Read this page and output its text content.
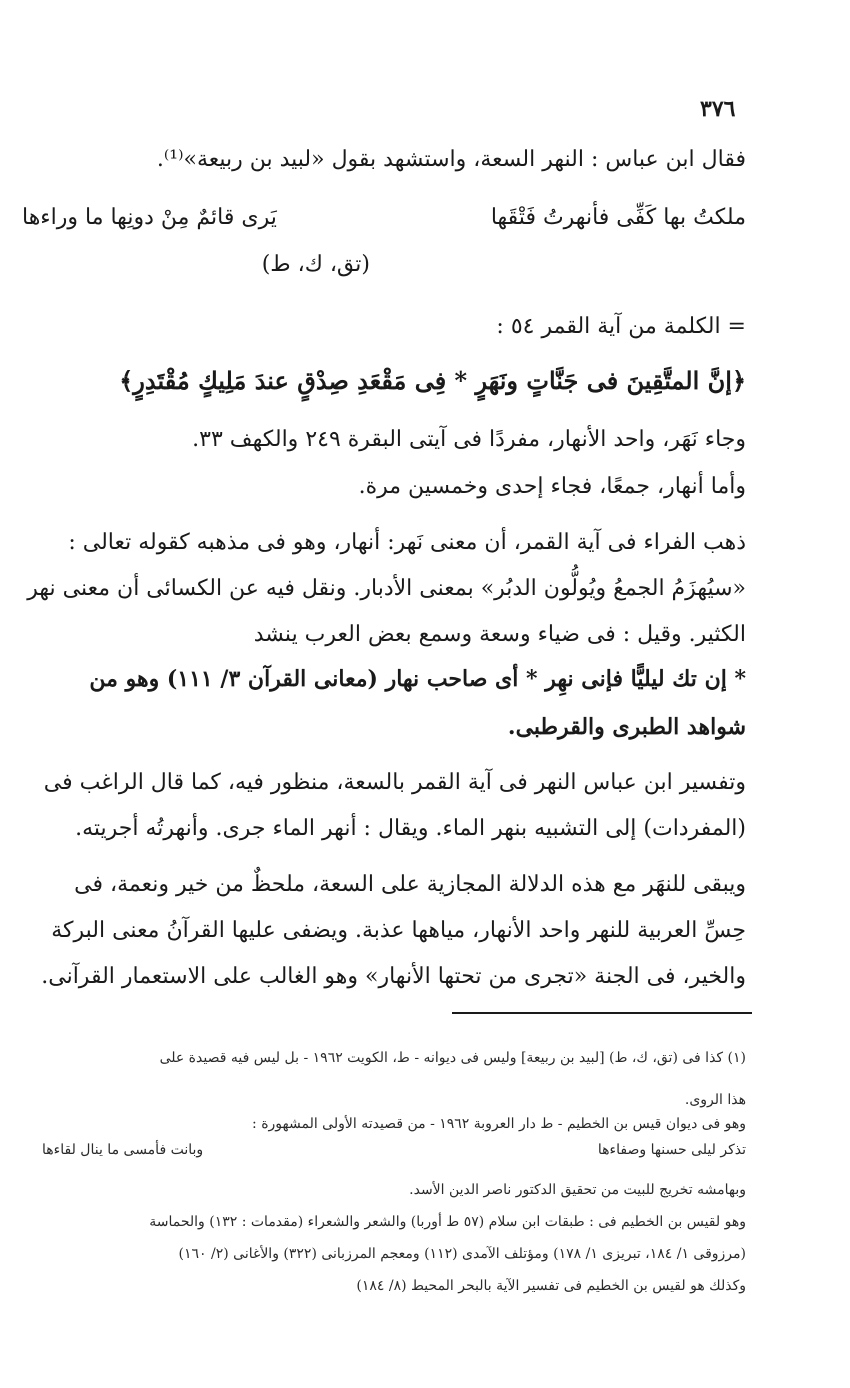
٣٧٦
فقال ابن عباس : النهر السعة، واستشهد بقول «لبيد بن ربيعة»⁽¹⁾.
ملكتُ بها كَفِّى فأنهرتُ فَتْقَها
يَرى قائمٌ مِنْ دونِها ما وراءها
(تق، ك، ط)
= الكلمة من آية القمر ٥٤ :
﴿إنَّ المتَّقِينَ فى جَنَّاتٍ ونَهَرٍ * فِى مَقْعَدِ صِدْقٍ عندَ مَلِيكٍ مُقْتَدِرٍ﴾
وجاء نَهَر، واحد الأنهار، مفردًا فى آيتى البقرة ٢٤٩ والكهف ٣٣.
وأما أنهار، جمعًا، فجاء إحدى وخمسين مرة.
ذهب الفراء فى آية القمر، أن معنى نَهر: أنهار، وهو فى مذهبه كقوله تعالى :
«سيُهزَمُ الجمعُ ويُولُّون الدبُر» بمعنى الأدبار. ونقل فيه عن الكسائى أن معنى نهر
الكثير. وقيل : فى ضياء وسعة وسمع بعض العرب ينشد
* إن تك ليليًّا فإنى نهِر * أى صاحب نهار (معانى القرآن ٣/ ١١١) وهو من
شواهد الطبرى والقرطبى.
وتفسير ابن عباس النهر فى آية القمر بالسعة، منظور فيه، كما قال الراغب فى
(المفردات) إلى التشبيه بنهر الماء. ويقال : أنهر الماء جرى. وأنهرتُه أجريته.
ويبقى للنهَر مع هذه الدلالة المجازية على السعة، ملحظٌ من خير ونعمة، فى
حِسِّ العربية للنهر واحد الأنهار، مياهها عذبة. ويضفى عليها القرآنُ معنى البركة
والخير، فى الجنة «تجرى من تحتها الأنهار» وهو الغالب على الاستعمار القرآنى.
(١) كذا فى (تق، ك، ط) [لبيد بن ربيعة] وليس فى ديوانه - ط، الكويت ١٩٦٢ - بل ليس فيه قصيدة على
هذا الروى.
وهو فى ديوان قيس بن الخطيم - ط دار العروبة ١٩٦٢ - من قصيدته الأولى المشهورة :
تذكر ليلى حسنها وصفاءها
وبانت فأمسى ما ينال لقاءها
وبهامشه تخريج للبيت من تحقيق الدكتور ناصر الدين الأسد.
وهو لقيس بن الخطيم فى : طبقات ابن سلام (٥٧ ط أوربا) والشعر والشعراء (مقدمات : ١٣٢) والحماسة
(مرزوقى ١/ ١٨٤، تبريزى ١/ ١٧٨) ومؤتلف الآمدى (١١٢) ومعجم المرزبانى (٣٢٢) والأغانى (٢/ ١٦٠)
وكذلك هو لقيس بن الخطيم فى تفسير الآية بالبحر المحيط (٨/ ١٨٤)
